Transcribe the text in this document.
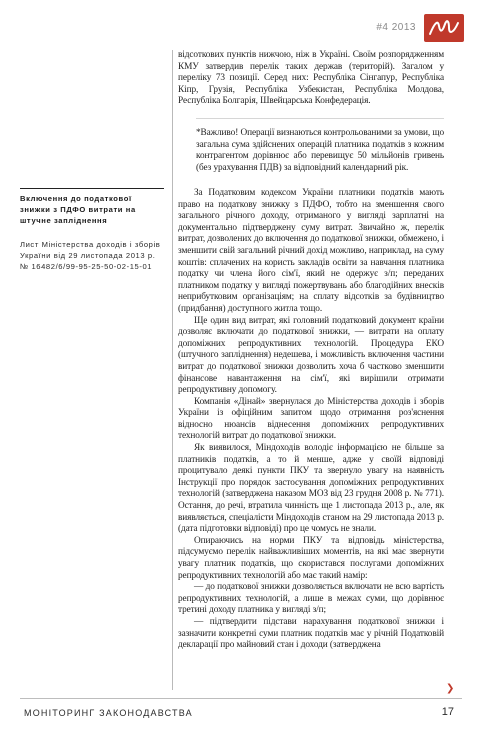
#4 2013

відсоткових пунктів нижчою, ніж в Україні. Своїм розпорядженням КМУ затвердив перелік таких держав (територій). Загалом у переліку 73 позиції. Серед них: Республіка Сінгапур, Республіка Кіпр, Грузія, Республіка Узбекистан, Республіка Молдова, Республіка Болгарія, Швейцарська Конфедерація.

*Важливо! Операції визнаються контрольованими за умови, що загальна сума здійснених операцій платника податків з кожним контрагентом дорівнює або перевищує 50 мільйонів гривень (без урахування ПДВ) за відповідний календарний рік.

Включення до податкової знижки з ПДФО витрати на штучне запліднення

Лист Міністерства доходів і зборів України від 29 листопада 2013 р. № 16482/6/99-95-25-50-02-15-01

За Податковим кодексом України платники податків мають право на податкову знижку з ПДФО, тобто на зменшення свого загального річного доходу, отриманого у вигляді зарплатні на документально підтверджену суму витрат. Звичайно ж, перелік витрат, дозволених до включення до податкової знижки, обмежено, і зменшити свій загальний річний дохід можливо, наприклад, на суму коштів: сплачених на користь закладів освіти за навчання платника податку чи члена його сім'ї, який не одержує з/п; переданих платником податку у вигляді пожертвувань або благодійних внесків неприбутковим організаціям; на сплату відсотків за будівництво (придбання) доступного житла тощо.

Ще один вид витрат, які головний податковий документ країни дозволяє включати до податкової знижки, — витрати на оплату допоміжних репродуктивних технологій. Процедура ЕКО (штучного запліднення) недешева, і можливість включення частини витрат до податкової знижки дозволить хоча б частково зменшити фінансове навантаження на сім'ї, які вирішили отримати репродуктивну допомогу.

Компанія «Дінай» звернулася до Міністерства доходів і зборів України із офіційним запитом щодо отримання роз'яснення відносно нюансів віднесення допоміжних репродуктивних технологій витрат до податкової знижки.

Як виявилося, Міндоходів володіє інформацією не більше за платників податків, а то й менше, адже у своїй відповіді процитувало деякі пункти ПКУ та звернуло увагу на наявність Інструкції про порядок застосування допоміжних репродуктивних технологій (затверджена наказом МОЗ від 23 грудня 2008 р. № 771). Остання, до речі, втратила чинність ще 1 листопада 2013 р., але, як виявляється, спеціалісти Міндоходів станом на 29 листопада 2013 р. (дата підготовки відповіді) про це чомусь не знали.

Опираючись на норми ПКУ та відповідь міністерства, підсумуємо перелік найважливіших моментів, на які має звернути увагу платник податків, що скористався послугами допоміжних репродуктивних технологій або має такий намір:

— до податкової знижки дозволяється включати не всю вартість репродуктивних технологій, а лише в межах суми, що дорівнює третині доходу платника у вигляді з/п;

— підтвердити підстави нарахування податкової знижки і зазначити конкретні суми платник податків має у річній Податковій декларації про майновий стан і доходи (затверджена

❯
МОНІТОРИНГ ЗАКОНОДАВСТВА	17
